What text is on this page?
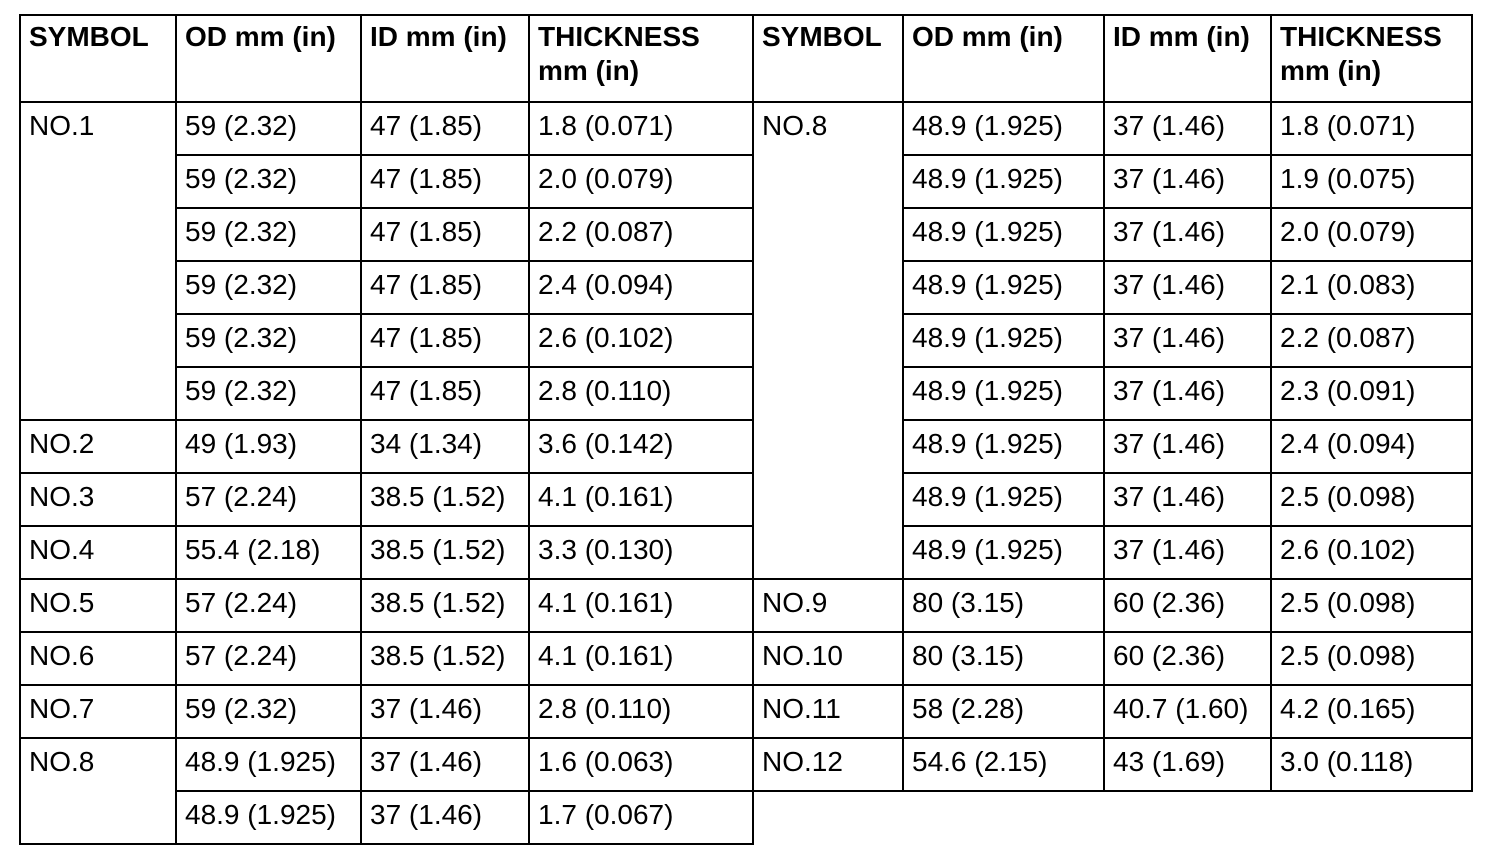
SYMBOL	OD mm (in)	ID mm (in)	THICKNESS mm (in)	SYMBOL	OD mm (in)	ID mm (in)	THICKNESS mm (in)
NO.1	59 (2.32)	47 (1.85)	1.8 (0.071)	NO.8	48.9 (1.925)	37 (1.46)	1.8 (0.071)
	59 (2.32)	47 (1.85)	2.0 (0.079)		48.9 (1.925)	37 (1.46)	1.9 (0.075)
	59 (2.32)	47 (1.85)	2.2 (0.087)		48.9 (1.925)	37 (1.46)	2.0 (0.079)
	59 (2.32)	47 (1.85)	2.4 (0.094)		48.9 (1.925)	37 (1.46)	2.1 (0.083)
	59 (2.32)	47 (1.85)	2.6 (0.102)		48.9 (1.925)	37 (1.46)	2.2 (0.087)
	59 (2.32)	47 (1.85)	2.8 (0.110)		48.9 (1.925)	37 (1.46)	2.3 (0.091)
NO.2	49 (1.93)	34 (1.34)	3.6 (0.142)		48.9 (1.925)	37 (1.46)	2.4 (0.094)
NO.3	57 (2.24)	38.5 (1.52)	4.1 (0.161)		48.9 (1.925)	37 (1.46)	2.5 (0.098)
NO.4	55.4 (2.18)	38.5 (1.52)	3.3 (0.130)		48.9 (1.925)	37 (1.46)	2.6 (0.102)
NO.5	57 (2.24)	38.5 (1.52)	4.1 (0.161)	NO.9	80 (3.15)	60 (2.36)	2.5 (0.098)
NO.6	57 (2.24)	38.5 (1.52)	4.1 (0.161)	NO.10	80 (3.15)	60 (2.36)	2.5 (0.098)
NO.7	59 (2.32)	37 (1.46)	2.8 (0.110)	NO.11	58 (2.28)	40.7 (1.60)	4.2 (0.165)
NO.8	48.9 (1.925)	37 (1.46)	1.6 (0.063)	NO.12	54.6 (2.15)	43 (1.69)	3.0 (0.118)
	48.9 (1.925)	37 (1.46)	1.7 (0.067)				
